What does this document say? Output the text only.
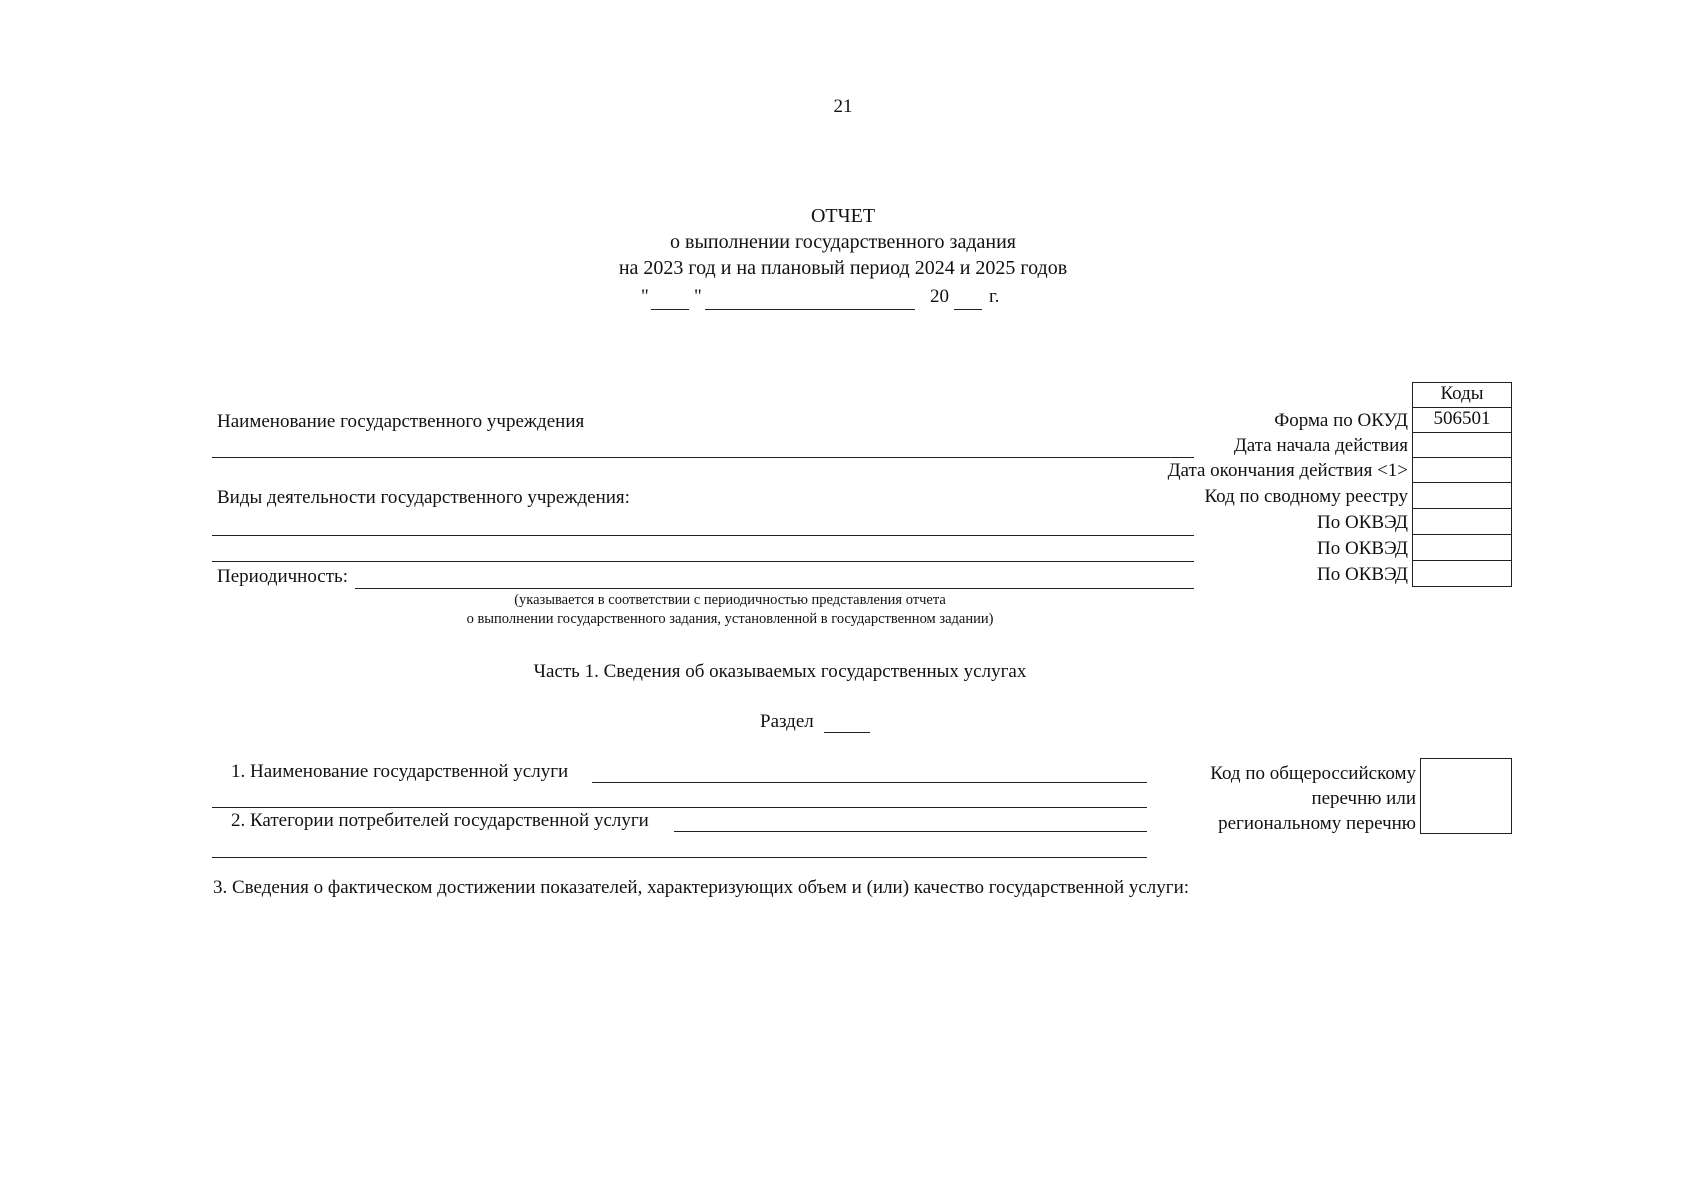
21
ОТЧЕТ
о выполнении государственного задания
на 2023 год и на плановый период 2024 и 2025 годов
" "	20 г.
Коды
Форма по ОКУД	506501
Дата начала действия
Дата окончания действия <1>
Код по сводному реестру
По ОКВЭД
По ОКВЭД
По ОКВЭД
Наименование государственного учреждения
Виды деятельности государственного учреждения:
Периодичность:
(указывается в соответствии с периодичностью представления отчета
о выполнении государственного задания, установленной в государственном задании)
Часть 1. Сведения об оказываемых государственных услугах
Раздел
1. Наименование государственной услуги
2. Категории потребителей государственной услуги
Код по общероссийскому
перечню или
региональному перечню
3. Сведения о фактическом достижении показателей, характеризующих объем и (или) качество государственной услуги:
